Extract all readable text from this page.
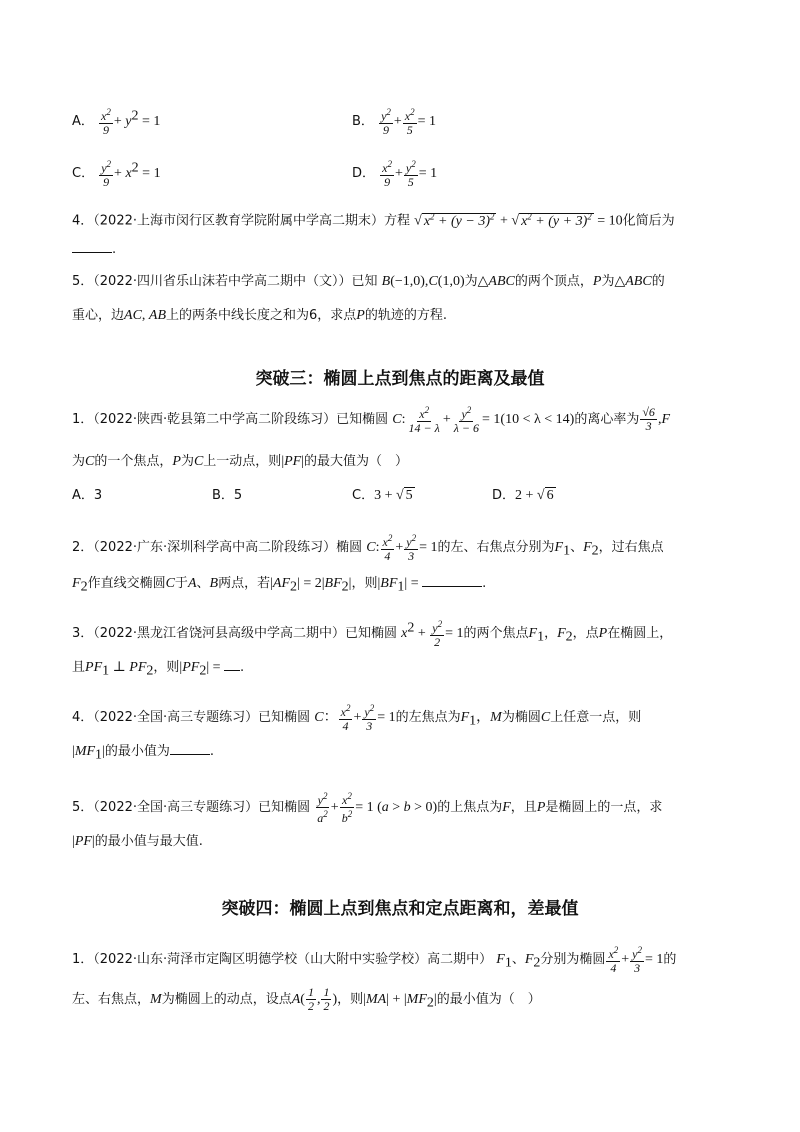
A． $\frac{x^2}{9} + y^2 = 1$	B． $\frac{y^2}{9} + \frac{x^2}{5} = 1$
C． $\frac{y^2}{9} + x^2 = 1$	D． $\frac{x^2}{9} + \frac{y^2}{5} = 1$
4．（2022·上海市闵行区教育学院附属中学高二期末）方程 √ $x^2 + (y - 3)^2$ + √ $x^2 + (y + 3)^2 = 10$化简后为
.
5．（2022·四川省乐山沫若中学高二期中（文））已知 B(−1,0),C(1,0)为△ABC的两个顶点，P为△ABC的
重心，边AC, AB上的两条中线长度之和为6，求点P的轨迹的方程.
突破三：椭圆上点到焦点的距离及最值
1．（2022·陕西·乾县第二中学高二阶段练习）已知椭圆 C: $\frac{x^2}{14 - \lambda} + \frac{y^2}{\lambda - 6} = 1(10 < \lambda < 14)$的离心率为 $\frac{√6}{3} ,F$
为C的一个焦点，P为C上一动点，则|PF|的最大值为（　）
A．3	B．5	C．3 + √ 5	D．2 + √ 6
2．（2022·广东·深圳科学高中高二阶段练习）椭圆 C: $\frac{x^2}{4} + \frac{y^2}{3} = 1$的左、右焦点分别为$F_1$、$F_2$，过右焦点
$F_2$作直线交椭圆C于A、B两点，若$|AF_2| = 2|BF_2|$，则$|BF_1|$ =	.
3．（2022·黑龙江省饶河县高级中学高二期中）已知椭圆 $x^2 + \frac{y^2}{2} = 1$的两个焦点$F_1$，$F_2$，点P在椭圆上，
且$PF_1$ ⊥ $PF_2$，则$|PF_2|$ = .
4．（2022·全国·高三专题练习）已知椭圆 C： $\frac{x^2}{4} + \frac{y^2}{3} = 1$的左焦点为$F_1$，M为椭圆C上任意一点，则
$|MF_1|$的最小值为	.
5．（2022·全国·高三专题练习）已知椭圆 $\frac{y^2}{a^2} + \frac{x^2}{b^2} = 1$ (a > b > 0)的上焦点为F，且P是椭圆上的一点，求
|PF|的最小值与最大值.
突破四：椭圆上点到焦点和定点距离和，差最值
1．（2022·山东·菏泽市定陶区明德学校（山大附中实验学校）高二期中） $F_1$、$F_2$分别为椭圆 $\frac{x^2}{4} + \frac{y^2}{3} = 1$的
左、右焦点，M为椭圆上的动点，设点$A( \frac{1}{2}$ , $\frac{1}{2}$ )，则$|MA| + |MF_2|$的最小值为（　）
